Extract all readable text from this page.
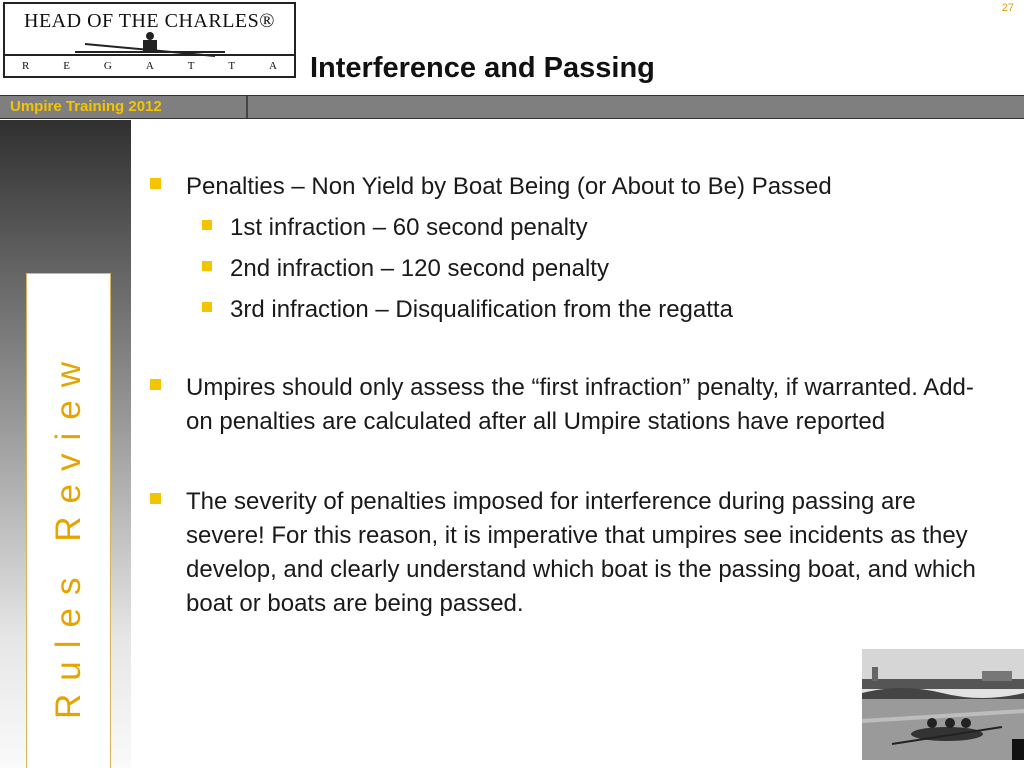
HEAD OF THE CHARLES®
R	E	G	A	T	T	A
27
Interference and Passing
Umpire Training 2012
Rules Review
Penalties – Non Yield by Boat Being (or About to Be) Passed
1st infraction – 60 second penalty
2nd infraction – 120 second penalty
3rd infraction – Disqualification from the regatta
Umpires should only assess the “first infraction” penalty, if warranted. Add-on penalties are calculated after all Umpire stations have reported
The severity of penalties imposed for interference during passing are severe! For this reason, it is imperative that umpires see incidents as they develop, and clearly understand which boat is the passing boat, and which boat or boats are being passed.
